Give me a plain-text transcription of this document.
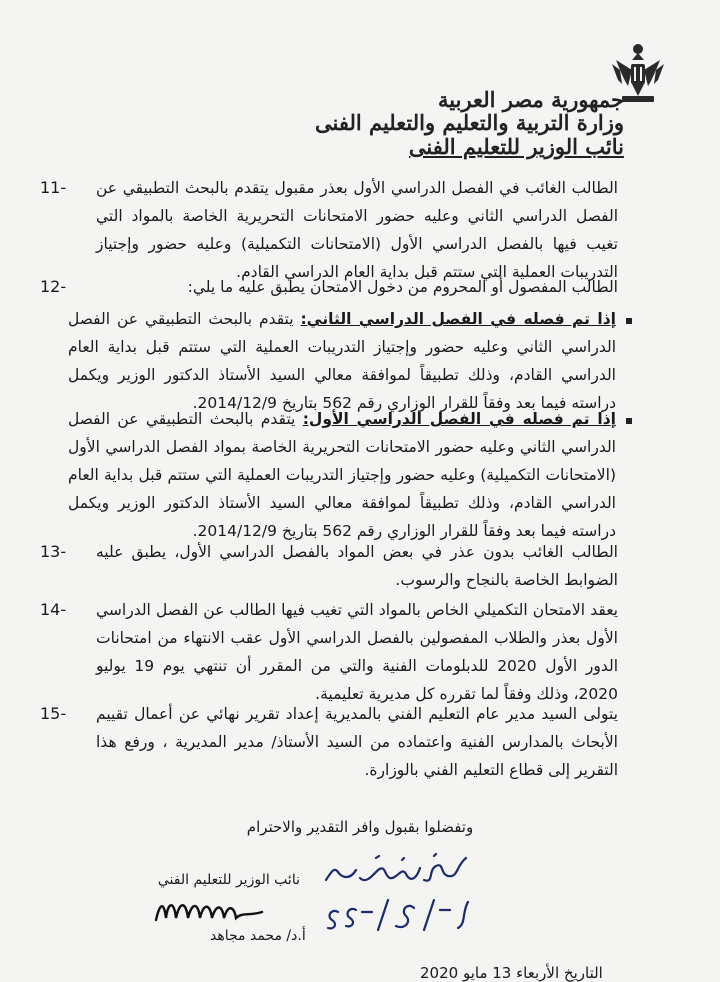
جمهورية مصر العربية
وزارة التربية والتعليم والتعليم الفنى
نائب الوزير للتعليم الفنى
11- الطالب الغائب في الفصل الدراسي الأول بعذر مقبول يتقدم بالبحث التطبيقي عن الفصل الدراسي الثاني وعليه حضور الامتحانات التحريرية الخاصة بالمواد التي تغيب فيها بالفصل الدراسي الأول (الامتحانات التكميلية) وعليه حضور وإجتياز التدريبات العملية التي ستتم قبل بداية العام الدراسي القادم.
12-	الطالب المفصول أو المحروم من دخول الامتحان يطبق عليه ما يلي:
إذا تم فصله في الفصل الدراسي الثاني: يتقدم بالبحث التطبيقي عن الفصل الدراسي الثاني وعليه حضور وإجتياز التدريبات العملية التي ستتم قبل بداية العام الدراسي القادم، وذلك تطبيقاً لموافقة معالي السيد الأستاذ الدكتور الوزير ويكمل دراسته فيما بعد وفقاً للقرار الوزاري رقم 562 بتاريخ 2014/12/9.
إذا تم فصله في الفصل الدراسي الأول: يتقدم بالبحث التطبيقي عن الفصل الدراسي الثاني وعليه حضور الامتحانات التحريرية الخاصة بمواد الفصل الدراسي الأول (الامتحانات التكميلية) وعليه حضور وإجتياز التدريبات العملية التي ستتم قبل بداية العام الدراسي القادم، وذلك تطبيقاً لموافقة معالي السيد الأستاذ الدكتور الوزير ويكمل دراسته فيما بعد وفقاً للقرار الوزاري رقم 562 بتاريخ 2014/12/9.
13- الطالب الغائب بدون عذر في بعض المواد بالفصل الدراسي الأول، يطبق عليه الضوابط الخاصة بالنجاح والرسوب.
14- يعقد الامتحان التكميلي الخاص بالمواد التي تغيب فيها الطالب عن الفصل الدراسي الأول بعذر والطلاب المفصولين بالفصل الدراسي الأول عقب الانتهاء من امتحانات الدور الأول 2020 للدبلومات الفنية والتي من المقرر أن تنتهي يوم 19 يوليو 2020، وذلك وفقاً لما تقرره كل مديرية تعليمية.
15- يتولى السيد مدير عام التعليم الفني بالمديرية إعداد تقرير نهائي عن أعمال تقييم الأبحاث بالمدارس الفنية واعتماده من السيد الأستاذ/ مدير المديرية ، ورفع هذا التقرير إلى قطاع التعليم الفني بالوزارة.
وتفضلوا بقبول وافر التقدير والاحترام
نائب الوزير للتعليم الفني
أ.د/ محمد مجاهد
التاريخ الأربعاء 13 مايو 2020
